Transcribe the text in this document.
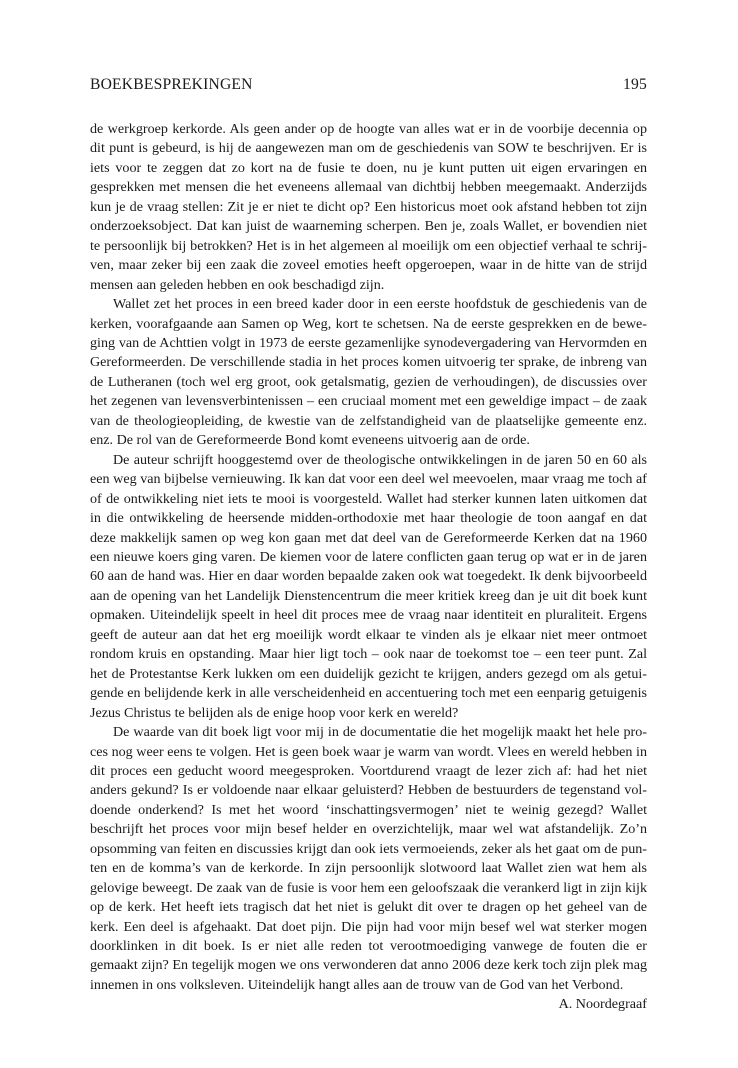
BOEKBESPREKINGEN	195

de werkgroep kerkorde. Als geen ander op de hoogte van alles wat er in de voorbije decennia op dit punt is gebeurd, is hij de aangewezen man om de geschiedenis van SOW te beschrijven. Er is iets voor te zeggen dat zo kort na de fusie te doen, nu je kunt putten uit eigen ervaringen en gesprekken met mensen die het eveneens allemaal van dichtbij hebben meegemaakt. Anderzijds kun je de vraag stellen: Zit je er niet te dicht op? Een historicus moet ook afstand hebben tot zijn onderzoeksobject. Dat kan juist de waarneming scherpen. Ben je, zoals Wallet, er bovendien niet te persoonlijk bij betrokken? Het is in het algemeen al moeilijk om een objectief verhaal te schrijven, maar zeker bij een zaak die zoveel emoties heeft opgeroepen, waar in de hitte van de strijd mensen aan geleden hebben en ook beschadigd zijn.

Wallet zet het proces in een breed kader door in een eerste hoofdstuk de geschiedenis van de kerken, voorafgaande aan Samen op Weg, kort te schetsen. Na de eerste gesprekken en de beweging van de Achttien volgt in 1973 de eerste gezamenlijke synodevergadering van Hervormden en Gereformeerden. De verschillende stadia in het proces komen uitvoerig ter sprake, de inbreng van de Lutheranen (toch wel erg groot, ook getalsmatig, gezien de verhoudingen), de discussies over het zegenen van levensverbintenissen – een cruciaal moment met een geweldige impact – de zaak van de theologieopleiding, de kwestie van de zelfstandigheid van de plaatselijke gemeente enz. enz. De rol van de Gereformeerde Bond komt eveneens uitvoerig aan de orde.

De auteur schrijft hooggestemd over de theologische ontwikkelingen in de jaren 50 en 60 als een weg van bijbelse vernieuwing. Ik kan dat voor een deel wel meevoelen, maar vraag me toch af of de ontwikkeling niet iets te mooi is voorgesteld. Wallet had sterker kunnen laten uitkomen dat in die ontwikkeling de heersende midden-orthodoxie met haar theologie de toon aangaf en dat deze makkelijk samen op weg kon gaan met dat deel van de Gereformeerde Kerken dat na 1960 een nieuwe koers ging varen. De kiemen voor de latere conflicten gaan terug op wat er in de jaren 60 aan de hand was. Hier en daar worden bepaalde zaken ook wat toegedekt. Ik denk bijvoorbeeld aan de opening van het Landelijk Dienstencentrum die meer kritiek kreeg dan je uit dit boek kunt opmaken. Uiteindelijk speelt in heel dit proces mee de vraag naar identiteit en pluraliteit. Ergens geeft de auteur aan dat het erg moeilijk wordt elkaar te vinden als je elkaar niet meer ontmoet rondom kruis en opstanding. Maar hier ligt toch – ook naar de toekomst toe – een teer punt. Zal het de Protestantse Kerk lukken om een duidelijk gezicht te krijgen, anders gezegd om als getuigende en belijdende kerk in alle verscheidenheid en accentuering toch met een eenparig getuigenis Jezus Christus te belijden als de enige hoop voor kerk en wereld?

De waarde van dit boek ligt voor mij in de documentatie die het mogelijk maakt het hele proces nog weer eens te volgen. Het is geen boek waar je warm van wordt. Vlees en wereld hebben in dit proces een geducht woord meegesproken. Voortdurend vraagt de lezer zich af: had het niet anders gekund? Is er voldoende naar elkaar geluisterd? Hebben de bestuurders de tegenstand voldoende onderkend? Is met het woord ‘inschattingsvermogen’ niet te weinig gezegd? Wallet beschrijft het proces voor mijn besef helder en overzichtelijk, maar wel wat afstandelijk. Zo’n opsomming van feiten en discussies krijgt dan ook iets vermoeiends, zeker als het gaat om de punten en de komma’s van de kerkorde. In zijn persoonlijk slotwoord laat Wallet zien wat hem als gelovige beweegt. De zaak van de fusie is voor hem een geloofszaak die verankerd ligt in zijn kijk op de kerk. Het heeft iets tragisch dat het niet is gelukt dit over te dragen op het geheel van de kerk. Een deel is afgehaakt. Dat doet pijn. Die pijn had voor mijn besef wel wat sterker mogen doorklinken in dit boek. Is er niet alle reden tot verootmoediging vanwege de fouten die er gemaakt zijn? En tegelijk mogen we ons verwonderen dat anno 2006 deze kerk toch zijn plek mag innemen in ons volksleven. Uiteindelijk hangt alles aan de trouw van de God van het Verbond.

A. Noordegraaf
